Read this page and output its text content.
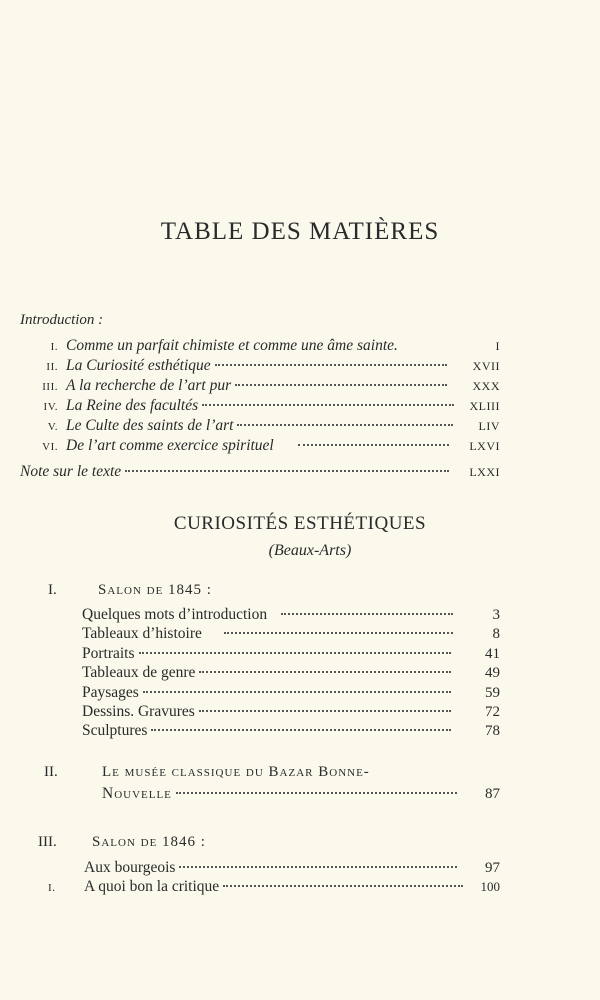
TABLE DES MATIÈRES
Introduction :
I. Comme un parfait chimiste et comme une âme sainte.	I
II. La Curiosité esthétique	XVII
III. A la recherche de l’art pur	XXX
IV. La Reine des facultés	XLIII
V. Le Culte des saints de l’art	LIV
VI. De l’art comme exercice spirituel	LXVI
Note sur le texte	LXXI
CURIOSITÉS ESTHÉTIQUES
(Beaux-Arts)
I.	Salon de 1845 :
Quelques mots d’introduction	3
Tableaux d’histoire	8
Portraits	41
Tableaux de genre	49
Paysages	59
Dessins. Gravures	72
Sculptures	78
II.	Le musée classique du Bazar Bonne-
Nouvelle	87
III. Salon de 1846 :
Aux bourgeois	97
I.	A quoi bon la critique	100
